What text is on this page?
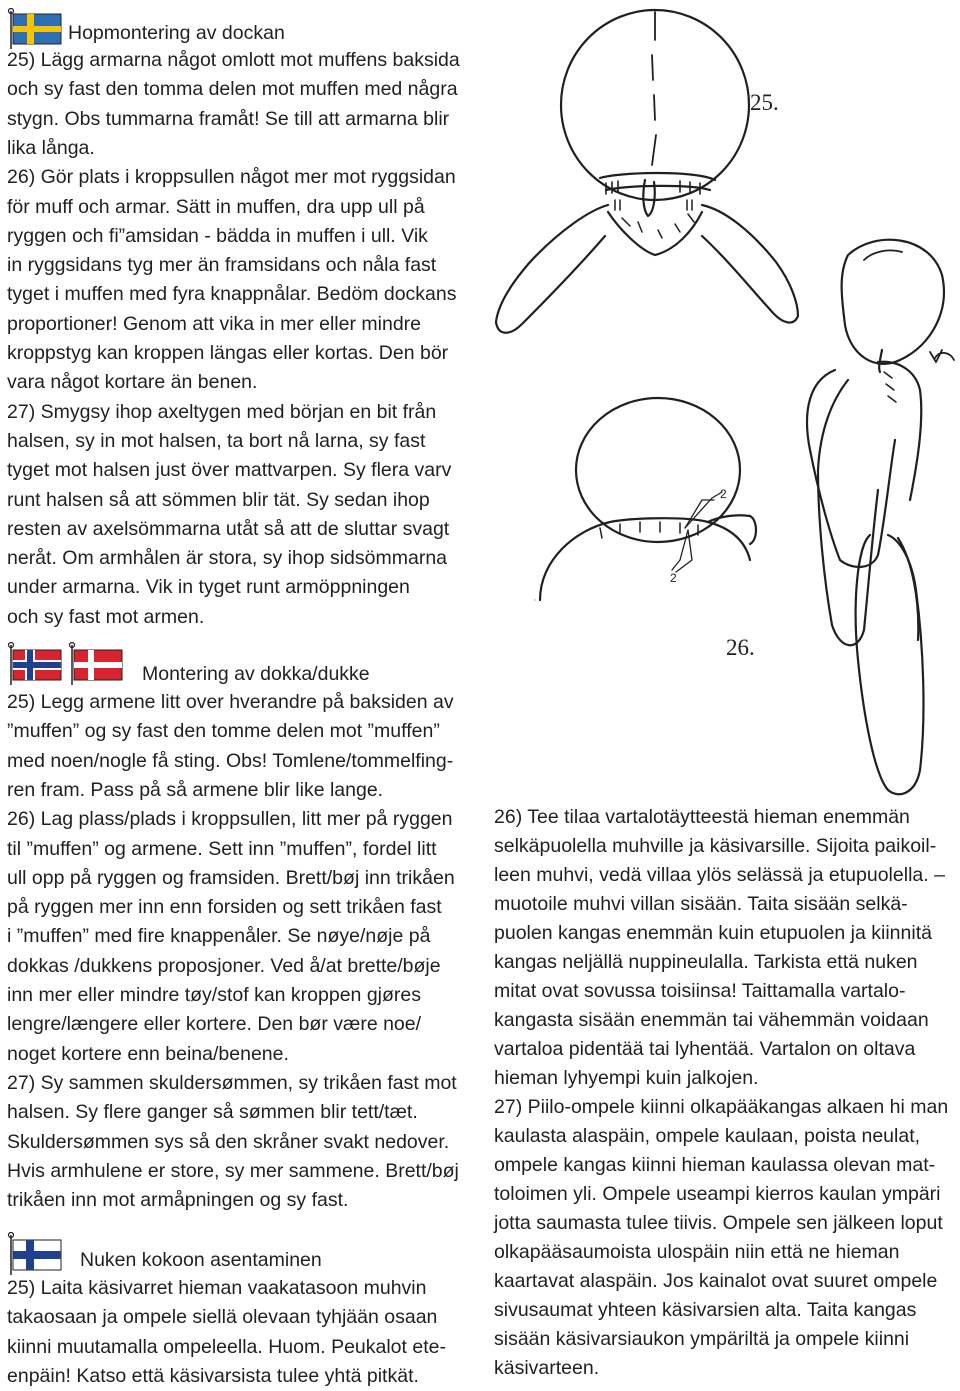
Hopmontering av dockan
25) Lägg armarna något omlott mot muffens baksida
och sy fast den tomma delen mot muffen med några
stygn. Obs tummarna framåt! Se till att armarna blir
lika långa.
26) Gör plats i kroppsullen något mer mot ryggsidan
för muff och armar. Sätt in muffen, dra upp ull på
ryggen och fi”amsidan - bädda in muffen i ull. Vik
in ryggsidans tyg mer än framsidans och nåla fast
tyget i muffen med fyra knappnålar. Bedöm dockans
proportioner! Genom att vika in mer eller mindre
kroppstyg kan kroppen längas eller kortas. Den bör
vara något kortare än benen.
27) Smygsy ihop axeltygen med början en bit från
halsen, sy in mot halsen, ta bort nå larna, sy fast
tyget mot halsen just över mattvarpen. Sy flera varv
runt halsen så att sömmen blir tät. Sy sedan ihop
resten av axelsömmarna utåt så att de sluttar svagt
neråt. Om armhålen är stora, sy ihop sidsömmarna
under armarna. Vik in tyget runt armöppningen
och sy fast mot armen.
Montering av dokka/dukke
25) Legg armene litt over hverandre på baksiden av
”muffen” og sy fast den tomme delen mot ”muffen”
med noen/nogle få sting. Obs! Tomlene/tommelfing-
ren fram. Pass på så armene blir like lange.
26) Lag plass/plads i kroppsullen, litt mer på ryggen
til ”muffen” og armene. Sett inn ”muffen”, fordel litt
ull opp på ryggen og framsiden. Brett/bøj inn trikåen
på ryggen mer inn enn forsiden og sett trikåen fast
i ”muffen” med fire knappenåler. Se nøye/nøje på
dokkas /dukkens proposjoner. Ved å/at brette/bøje
inn mer eller mindre tøy/stof kan kroppen gjøres
lengre/længere eller kortere. Den bør være noe/
noget kortere enn beina/benene.
27) Sy sammen skuldersømmen, sy trikåen fast mot
halsen. Sy flere ganger så sømmen blir tett/tæt.
Skuldersømmen sys så den skråner svakt nedover.
Hvis armhulene er store, sy mer sammene. Brett/bøj
trikåen inn mot armåpningen og sy fast.
Nuken kokoon asentaminen
25) Laita käsivarret hieman vaakatasoon muhvin
takaosaan ja ompele siellä olevaan tyhjään osaan
kiinni muutamalla ompeleella. Huom. Peukalot ete-
enpäin! Katso että käsivarsista tulee yhtä pitkät.
26) Tee tilaa vartalotäytteestä hieman enemmän
selkäpuolella muhville ja käsivarsille. Sijoita paikoil-
leen muhvi, vedä villaa ylös selässä ja etupuolella. –
muotoile muhvi villan sisään. Taita sisään selkä-
puolen kangas enemmän kuin etupuolen ja kiinnitä
kangas neljällä nuppineulalla. Tarkista että nuken
mitat ovat sovussa toisiinsa! Taittamalla vartalo-
kangasta sisään enemmän tai vähemmän voidaan
vartaloa pidentää tai lyhentää. Vartalon on oltava
hieman lyhyempi kuin jalkojen.
27) Piilo-ompele kiinni olkapääkangas alkaen hi man
kaulasta alaspäin, ompele kaulaan, poista neulat,
ompele kangas kiinni hieman kaulassa olevan mat-
toloimen yli. Ompele useampi kierros kaulan ympäri
jotta saumasta tulee tiivis. Ompele sen jälkeen loput
olkapääsaumoista ulospäin niin että ne hieman
kaartavat alaspäin. Jos kainalot ovat suuret ompele
sivusaumat yhteen käsivarsien alta. Taita kangas
sisään käsivarsiaukon ympäriltä ja ompele kiinni
käsivarteen.
25.
2
2
26.
